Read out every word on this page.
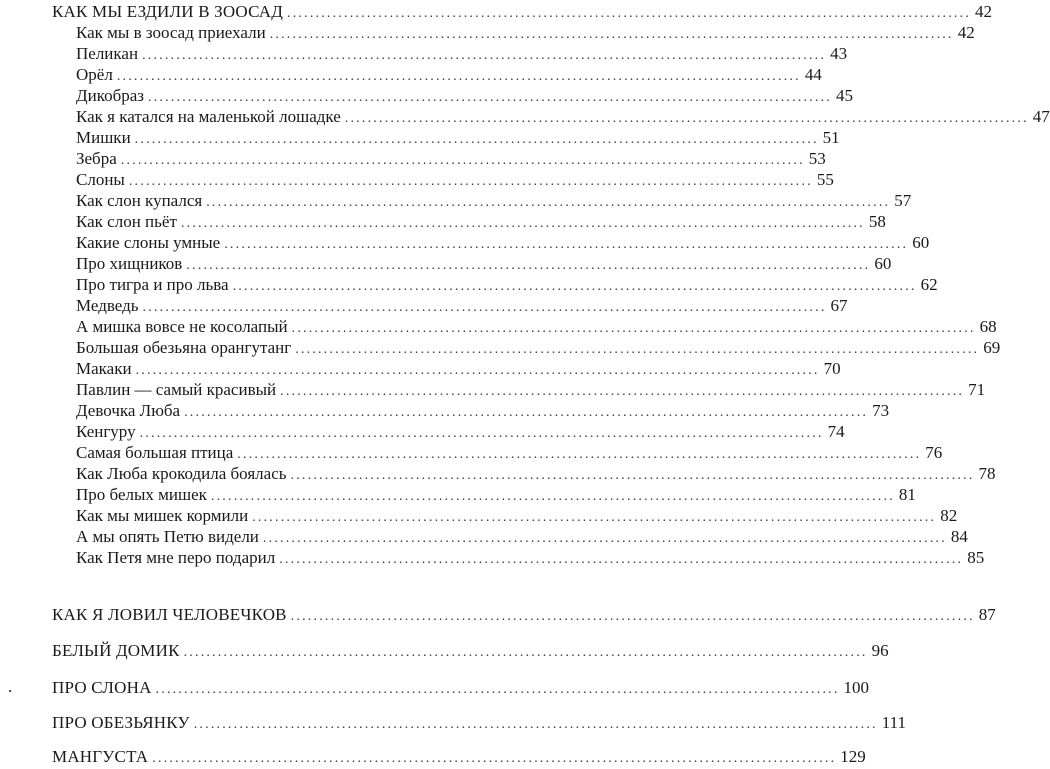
КАК МЫ ЕЗДИЛИ В ЗООСАД ........................................................................................................................ 42
Как мы в зоосад приехали ........................................................................................................................ 42
Пеликан ........................................................................................................................ 43
Орёл ........................................................................................................................ 44
Дикобраз ........................................................................................................................ 45
Как я катался на маленькой лошадке ........................................................................................................................ 47
Мишки ........................................................................................................................ 51
Зебра ........................................................................................................................ 53
Слоны ........................................................................................................................ 55
Как слон купался ........................................................................................................................ 57
Как слон пьёт ........................................................................................................................ 58
Какие слоны умные ........................................................................................................................ 60
Про хищников ........................................................................................................................ 60
Про тигра и про льва ........................................................................................................................ 62
Медведь ........................................................................................................................ 67
А мишка вовсе не косолапый ........................................................................................................................ 68
Большая обезьяна орангутанг ........................................................................................................................ 69
Макаки ........................................................................................................................ 70
Павлин — самый красивый ........................................................................................................................ 71
Девочка Люба ........................................................................................................................ 73
Кенгуру ........................................................................................................................ 74
Самая большая птица ........................................................................................................................ 76
Как Люба крокодила боялась ........................................................................................................................ 78
Про белых мишек ........................................................................................................................ 81
Как мы мишек кормили ........................................................................................................................ 82
А мы опять Петю видели ........................................................................................................................ 84
Как Петя мне перо подарил ........................................................................................................................ 85
КАК Я ЛОВИЛ ЧЕЛОВЕЧКОВ ........................................................................................................................ 87
БЕЛЫЙ ДОМИК ........................................................................................................................ 96
ПРО СЛОНА ........................................................................................................................ 100
ПРО ОБЕЗЬЯНКУ ........................................................................................................................ 111
МАНГУСТА ........................................................................................................................ 129
.
